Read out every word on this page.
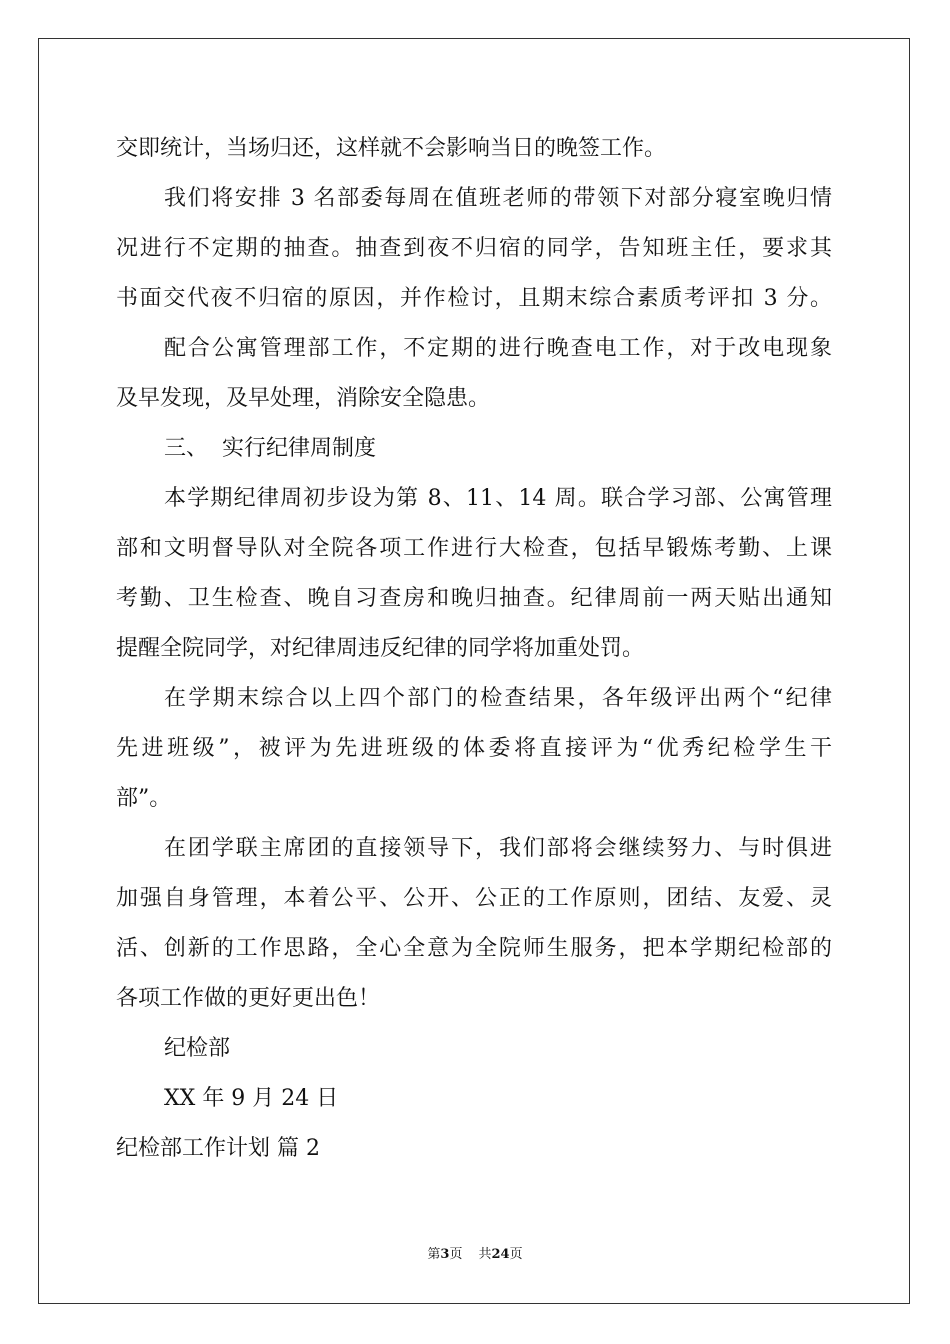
交即统计，当场归还，这样就不会影响当日的晚签工作。
我们将安排 3 名部委每周在值班老师的带领下对部分寝室晚归情
况进行不定期的抽查。抽查到夜不归宿的同学，告知班主任，要求其
书面交代夜不归宿的原因，并作检讨，且期末综合素质考评扣 3 分。
配合公寓管理部工作，不定期的进行晚查电工作，对于改电现象
及早发现，及早处理，消除安全隐患。
三、  实行纪律周制度
本学期纪律周初步设为第 8、11、14 周。联合学习部、公寓管理
部和文明督导队对全院各项工作进行大检查，包括早锻炼考勤、上课
考勤、卫生检查、晚自习查房和晚归抽查。纪律周前一两天贴出通知
提醒全院同学，对纪律周违反纪律的同学将加重处罚。
在学期末综合以上四个部门的检查结果，各年级评出两个“纪律
先进班级”，被评为先进班级的体委将直接评为“优秀纪检学生干
部”。
在团学联主席团的直接领导下，我们部将会继续努力、与时俱进
加强自身管理，本着公平、公开、公正的工作原则，团结、友爱、灵
活、创新的工作思路，全心全意为全院师生服务，把本学期纪检部的
各项工作做的更好更出色！
纪检部
XX 年 9 月 24 日
纪检部工作计划 篇 2
第3页 共24页
